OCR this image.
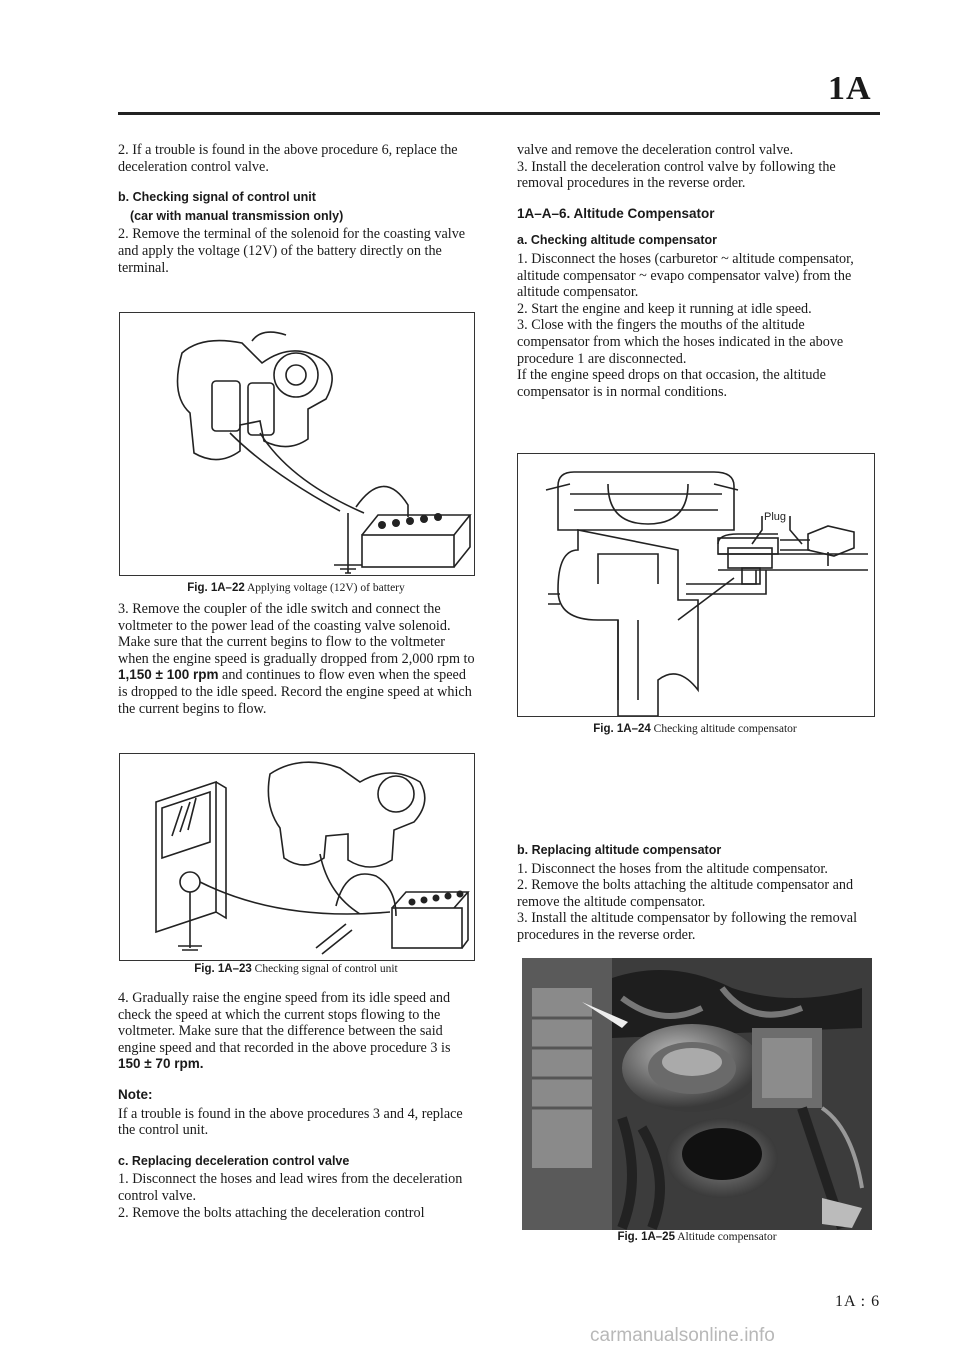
1A

2. If a trouble is found in the above procedure 6, replace the deceleration control valve.

b. Checking signal of control unit
(car with manual transmission only)

2. Remove the terminal of the solenoid for the coasting valve and apply the voltage (12V) of the battery directly on the terminal.

Fig. 1A–22 Applying voltage (12V) of battery

3. Remove the coupler of the idle switch and connect the voltmeter to the power lead of the coasting valve solenoid. Make sure that the current begins to flow to the voltmeter when the engine speed is gradually dropped from 2,000 rpm to 1,150 ± 100 rpm and continues to flow even when the speed is dropped to the idle speed. Record the engine speed at which the current begins to flow.

Fig. 1A–23 Checking signal of control unit

4. Gradually raise the engine speed from its idle speed and check the speed at which the current stops flowing to the voltmeter. Make sure that the difference between the said engine speed and that recorded in the above procedure 3 is 150 ± 70 rpm.

Note:

If a trouble is found in the above procedures 3 and 4, replace the control unit.

c. Replacing deceleration control valve

1. Disconnect the hoses and lead wires from the deceleration control valve.

2. Remove the bolts attaching the deceleration control

valve and remove the deceleration control valve.

3. Install the deceleration control valve by following the removal procedures in the reverse order.

1A–A–6. Altitude Compensator
a. Checking altitude compensator

1. Disconnect the hoses (carburetor ~ altitude compensator, altitude compensator ~ evapo compensator valve) from the altitude compensator.

2. Start the engine and keep it running at idle speed.

3. Close with the fingers the mouths of the altitude compensator from which the hoses indicated in the above procedure 1 are disconnected.

If the engine speed drops on that occasion, the altitude compensator is in normal conditions.

Plug
Fig. 1A–24 Checking altitude compensator
b. Replacing altitude compensator

1. Disconnect the hoses from the altitude compensator.

2. Remove the bolts attaching the altitude compensator and remove the altitude compensator.

3. Install the altitude compensator by following the removal procedures in the reverse order.

Fig. 1A–25 Altitude compensator
1A : 6
carmanualsonline.info
